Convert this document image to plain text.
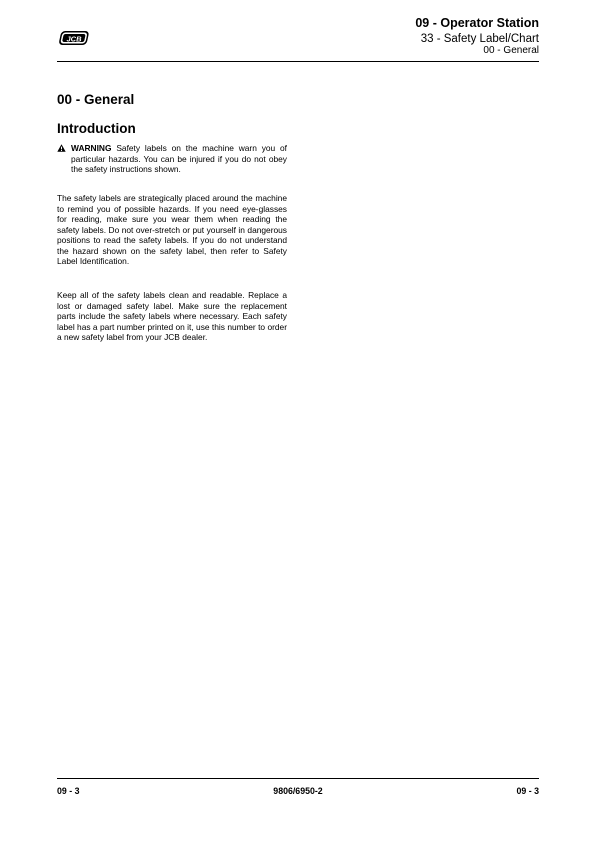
JCB
09 - Operator Station
33 - Safety Label/Chart
00 - General
00 - General
Introduction

WARNING Safety labels on the machine warn you of particular hazards. You can be injured if you do not obey the safety instructions shown.

The safety labels are strategically placed around the machine to remind you of possible hazards. If you need eye-glasses for reading, make sure you wear them when reading the safety labels. Do not over-stretch or put yourself in dangerous positions to read the safety labels. If you do not understand the hazard shown on the safety label, then refer to Safety Label Identification.

Keep all of the safety labels clean and readable. Replace a lost or damaged safety label. Make sure the replacement parts include the safety labels where necessary. Each safety label has a part number printed on it, use this number to order a new safety label from your JCB dealer.

09 - 3	9806/6950-2	09 - 3
